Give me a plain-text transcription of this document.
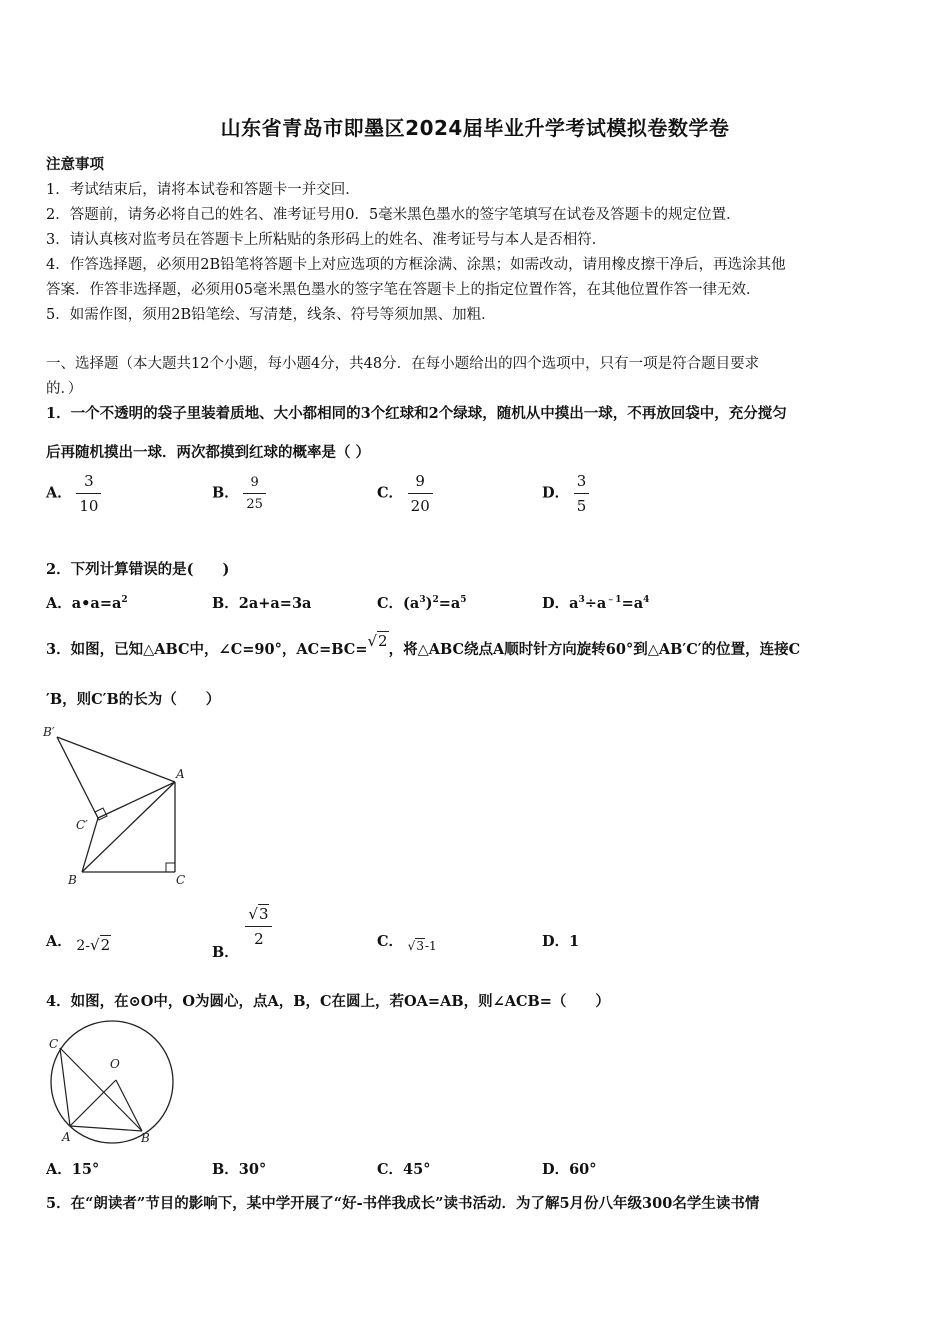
山东省青岛市即墨区2024届毕业升学考试模拟卷数学卷
注意事项
1．考试结束后，请将本试卷和答题卡一并交回．
2．答题前，请务必将自己的姓名、准考证号用0．5毫米黑色墨水的签字笔填写在试卷及答题卡的规定位置．
3．请认真核对监考员在答题卡上所粘贴的条形码上的姓名、准考证号与本人是否相符．
4．作答选择题，必须用2B铅笔将答题卡上对应选项的方框涂满、涂黑；如需改动，请用橡皮擦干净后，再选涂其他
答案．作答非选择题，必须用05毫米黑色墨水的签字笔在答题卡上的指定位置作答，在其他位置作答一律无效．
5．如需作图，须用2B铅笔绘、写清楚，线条、符号等须加黑、加粗．
一、选择题（本大题共12个小题，每小题4分，共48分．在每小题给出的四个选项中，只有一项是符合题目要求
的．）
1．一个不透明的袋子里装着质地、大小都相同的3个红球和2个绿球，随机从中摸出一球，不再放回袋中，充分搅匀
后再随机摸出一球．两次都摸到红球的概率是（ ）
A． $\frac{3}{10}$	B． $\frac{9}{25}$	C． $\frac{9}{20}$	D． $\frac{3}{5}$
2．下列计算错误的是(　　)
A．$a•a=a^2$	B．2a+a=3a	C．$(a^3)^2=a^5$	D．$a^3\div a^{﹣1}=a^4$
3．如图，已知△ABC中，∠C=90°，AC=BC=√2，将△ABC绕点A顺时针方向旋转60°到△AB′C′的位置，连接C
′B，则C′B的长为（　　）
B′
A
C′
B	C
A． 2-√2	B．
$\frac{√3}{2}$	C． $_{√3-1}$	D．1
4．如图，在⊙O中，O为圆心，点A，B，C在圆上，若OA=AB，则∠ACB=（　　）
C
O
A	B
A．15°	B．30°	C．45°	D．60°
5．在“朗读者”节目的影响下，某中学开展了“好-书伴我成长”读书活动．为了解5月份八年级300名学生读书情
